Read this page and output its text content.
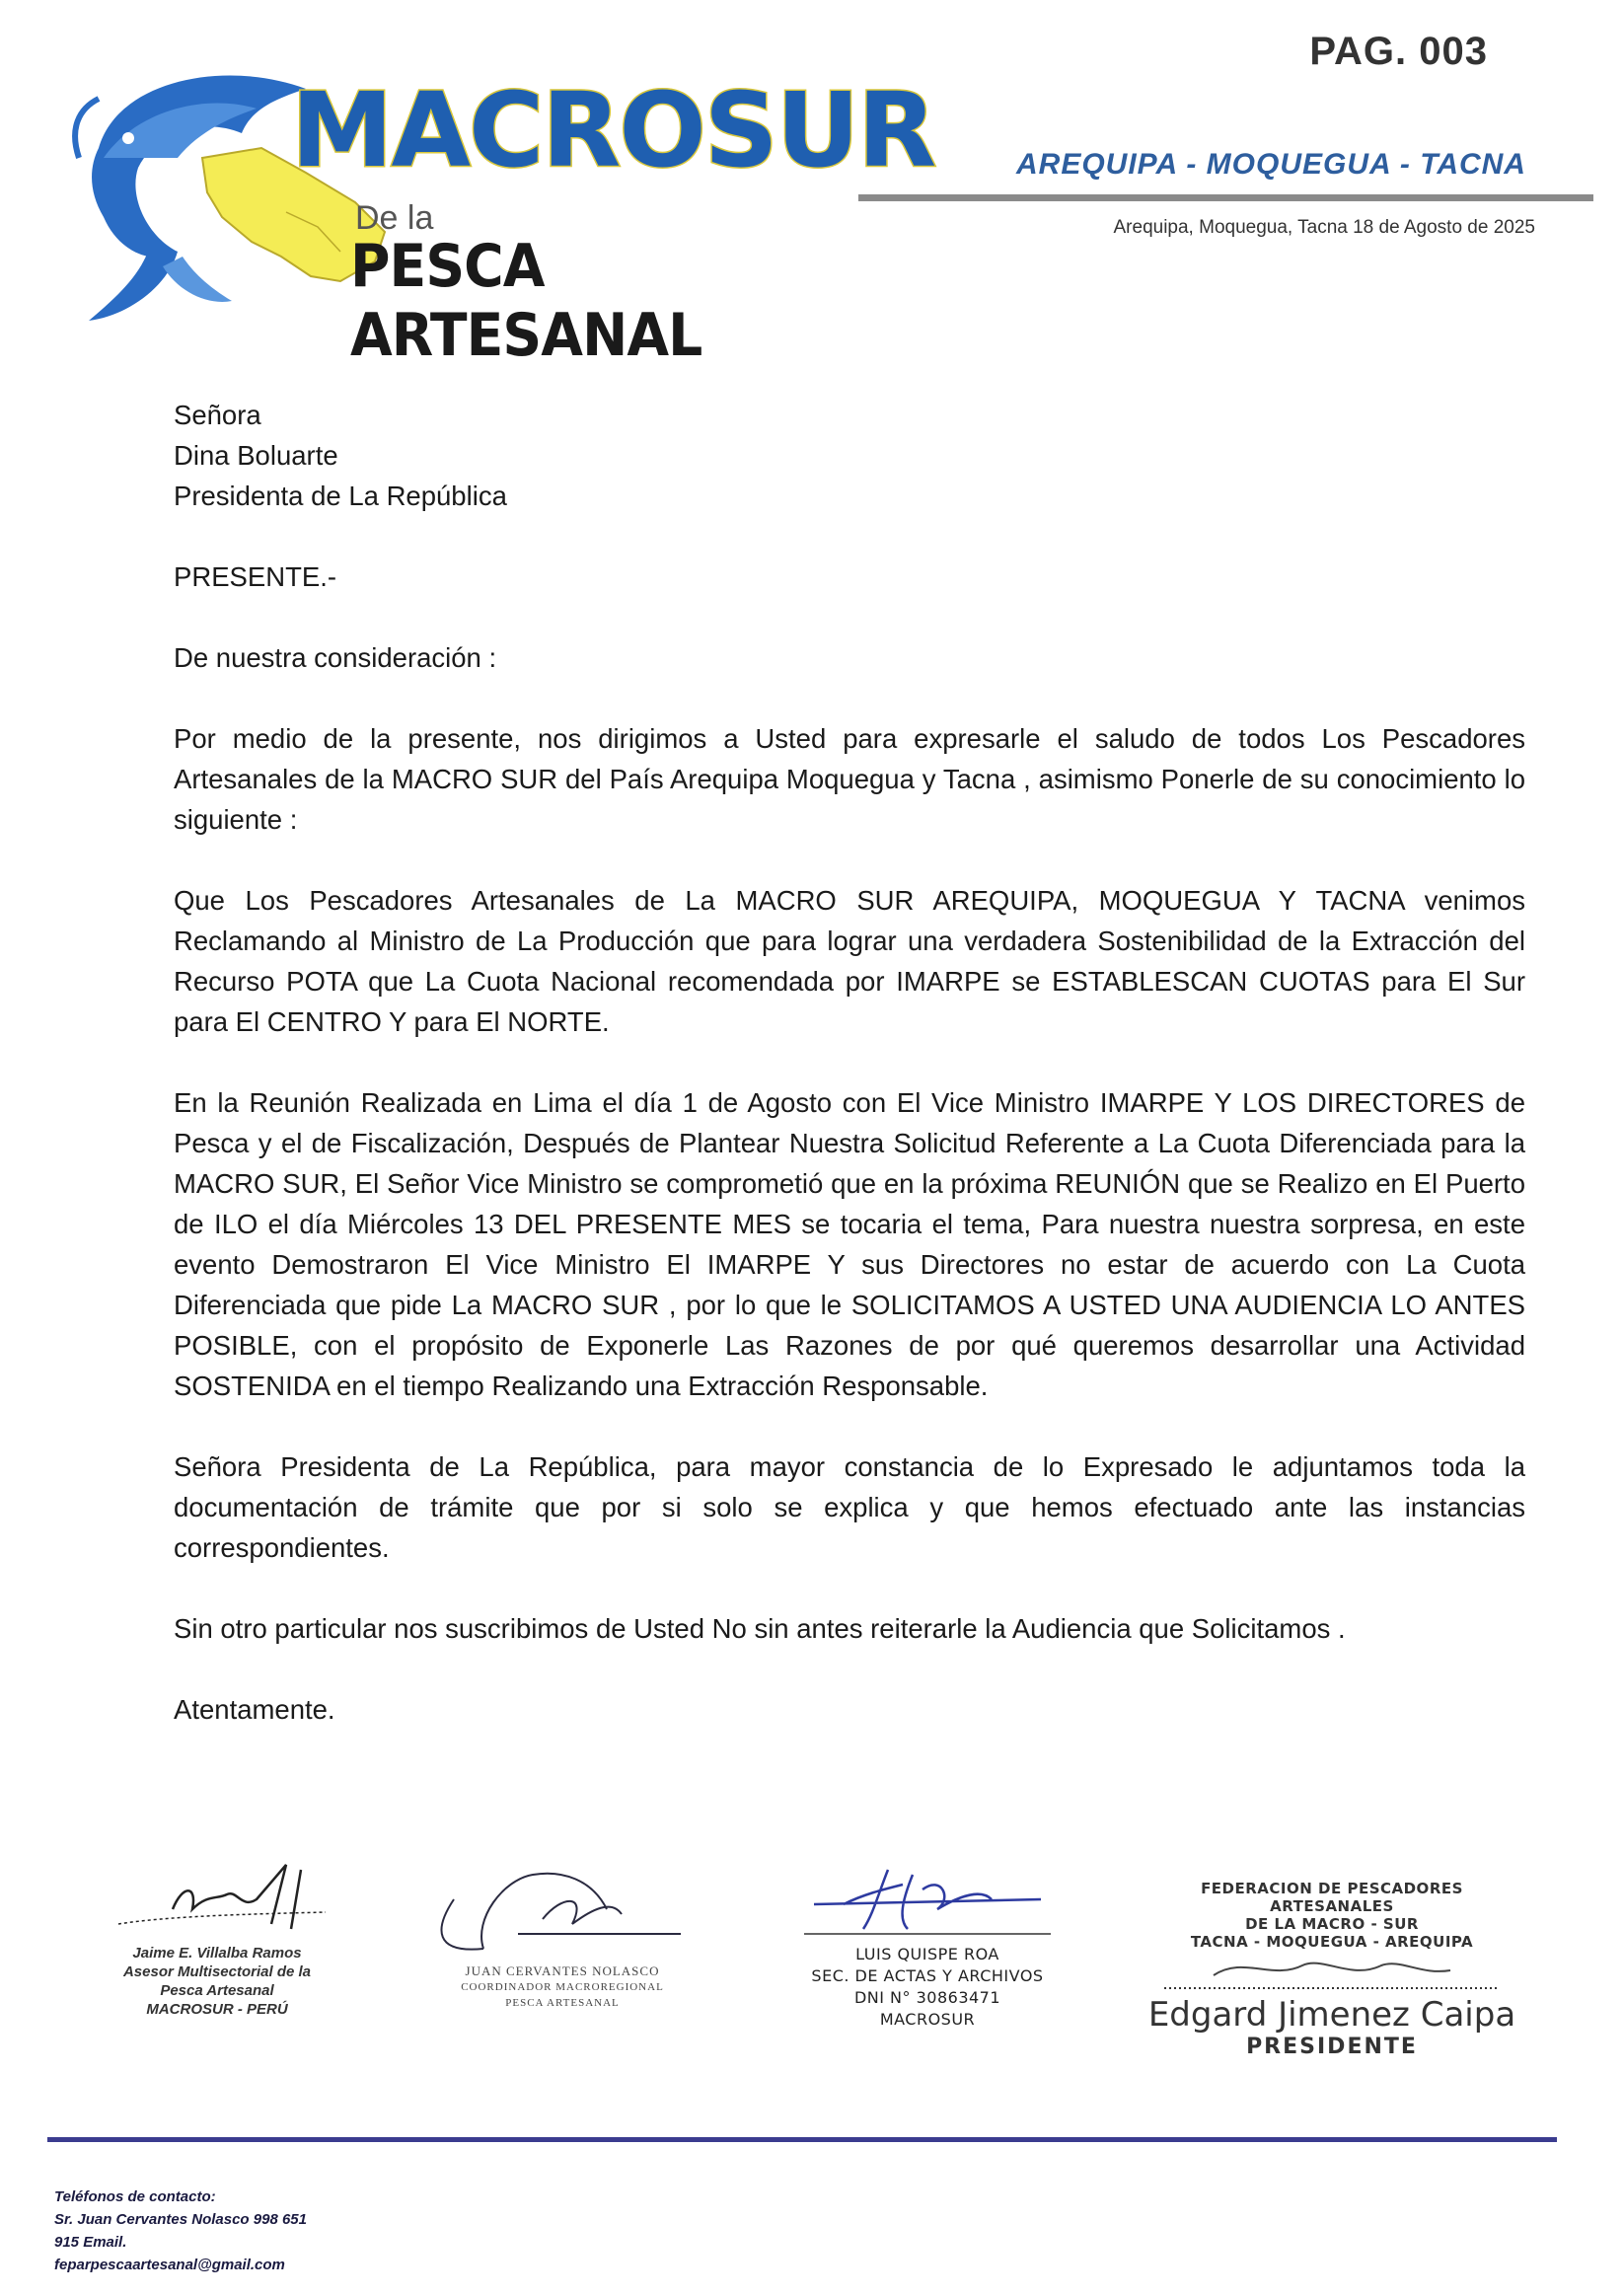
PAG. 003
MACROSUR
De la
PESCA ARTESANAL
AREQUIPA - MOQUEGUA - TACNA
Arequipa, Moquegua, Tacna 18 de Agosto de 2025

Señora

Dina Boluarte

Presidenta de La República

PRESENTE.-

De nuestra consideración :

Por medio de la presente, nos dirigimos a Usted para expresarle el saludo de todos Los Pescadores Artesanales de la MACRO SUR del País Arequipa Moquegua y Tacna , asimismo Ponerle de su conocimiento lo siguiente :

Que Los Pescadores Artesanales de La MACRO SUR AREQUIPA, MOQUEGUA Y TACNA venimos Reclamando al Ministro de La Producción que para lograr una verdadera Sostenibilidad de la Extracción del Recurso POTA que La Cuota Nacional recomendada por IMARPE se ESTABLESCAN CUOTAS para El Sur para El CENTRO Y para El NORTE.

En la Reunión Realizada en Lima el día 1 de Agosto con El Vice Ministro IMARPE Y LOS DIRECTORES de Pesca y el de Fiscalización, Después de Plantear Nuestra Solicitud Referente a La Cuota Diferenciada para la MACRO SUR, El Señor Vice Ministro se comprometió que en la próxima REUNIÓN que se Realizo en El Puerto de ILO el día Miércoles 13 DEL PRESENTE MES se tocaria el tema, Para nuestra nuestra sorpresa, en este evento Demostraron El Vice Ministro El IMARPE Y sus Directores no estar de acuerdo con La Cuota Diferenciada que pide La MACRO SUR , por lo que le SOLICITAMOS A USTED UNA AUDIENCIA LO ANTES POSIBLE, con el propósito de Exponerle Las Razones de por qué queremos desarrollar una Actividad SOSTENIDA en el tiempo Realizando una Extracción Responsable.

Señora Presidenta de La República, para mayor constancia de lo Expresado le adjuntamos toda la documentación de trámite que por si solo se explica y que hemos efectuado ante las instancias correspondientes.

Sin otro particular nos suscribimos de Usted No sin antes reiterarle la Audiencia que Solicitamos .

Atentamente.

Jaime E. Villalba Ramos
Asesor Multisectorial de la
Pesca Artesanal
MACROSUR - PERÚ
JUAN CERVANTES NOLASCO
COORDINADOR MACROREGIONAL
PESCA ARTESANAL
LUIS QUISPE ROA
SEC. DE ACTAS Y ARCHIVOS
DNI N° 30863471
MACROSUR
FEDERACION DE PESCADORES ARTESANALES
DE LA MACRO - SUR
TACNA - MOQUEGUA - AREQUIPA
Edgard Jimenez Caipa
PRESIDENTE
Teléfonos de contacto:
Sr. Juan Cervantes Nolasco 998 651
915 Email.
feparpescaartesanal@gmail.com
